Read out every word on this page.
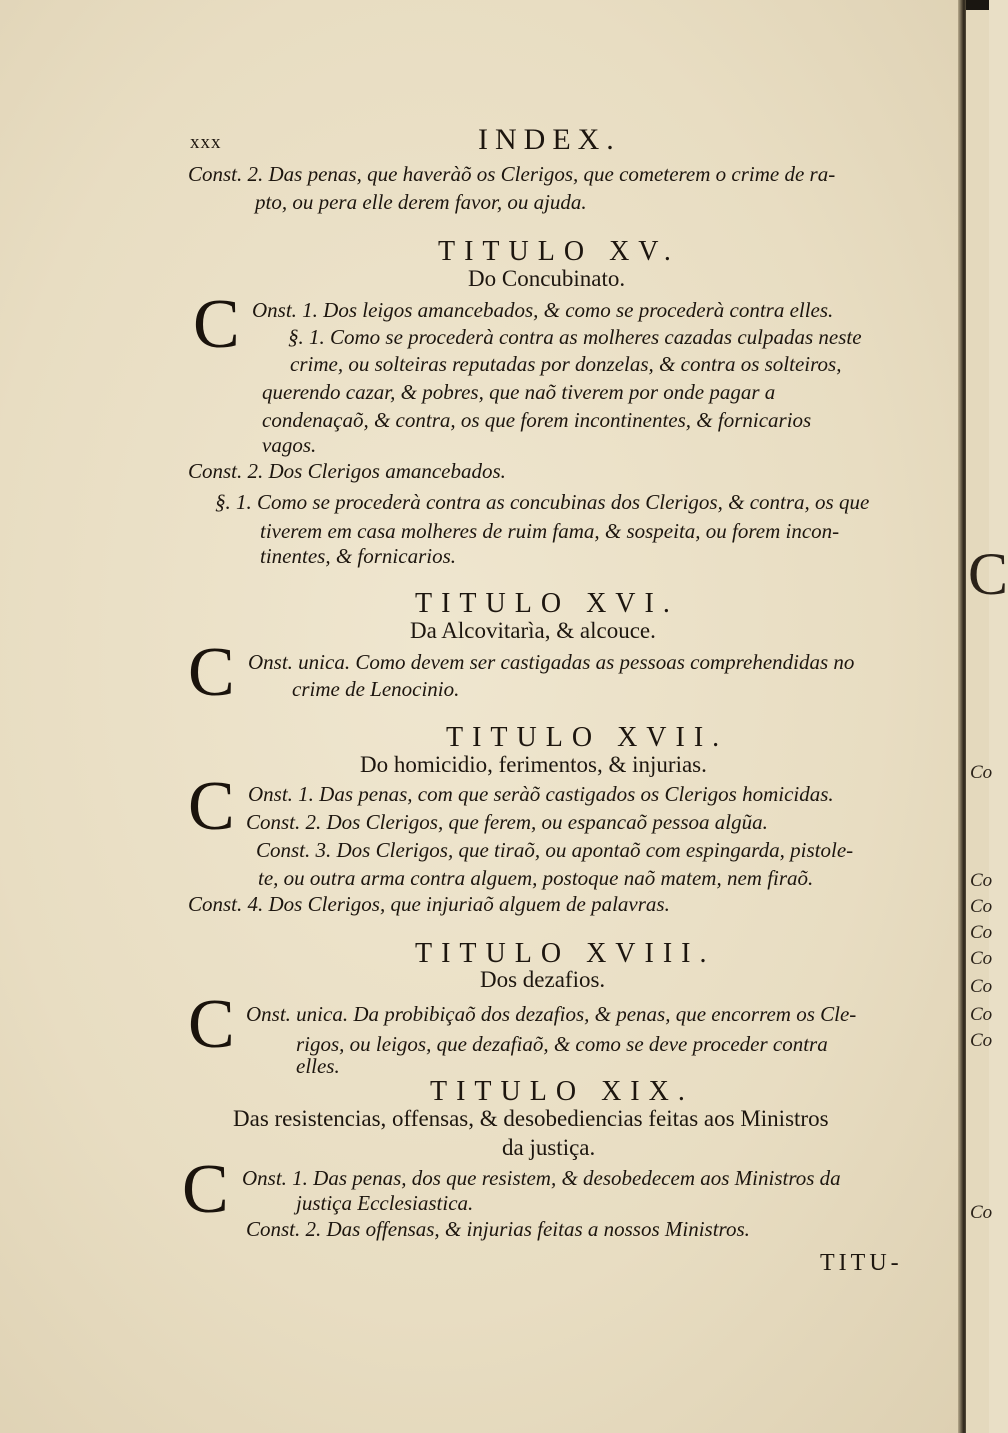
xxx	INDEX.
Const. 2. Das penas, que haveràõ os Clerigos, que cometerem o crime de ra-
pto, ou pera elle derem favor, ou ajuda.
TITULO XV.
Do Concubinato.
C Onst. 1. Dos leigos amancebados, & como se procederà contra elles.
§. 1. Como se procederà contra as molheres cazadas culpadas neste
crime, ou solteiras reputadas por donzelas, & contra os solteiros,
querendo cazar, & pobres, que naõ tiverem por onde pagar a
condenaçaõ, & contra, os que forem incontinentes, & fornicarios
vagos.
Const. 2. Dos Clerigos amancebados.
§. 1. Como se procederà contra as concubinas dos Clerigos, & contra, os que
tiverem em casa molheres de ruim fama, & sospeita, ou forem incon-
tinentes, & fornicarios.
TITULO XVI.
Da Alcovitarìa, & alcouce.
C Onst. unica. Como devem ser castigadas as pessoas comprehendidas no
crime de Lenocinio.
TITULO XVII.
Do homicidio, ferimentos, & injurias.
C Onst. 1. Das penas, com que seràõ castigados os Clerigos homicidas.
Const. 2. Dos Clerigos, que ferem, ou espancaõ pessoa algũa.
Const. 3. Dos Clerigos, que tiraõ, ou apontaõ com espingarda, pistole-
te, ou outra arma contra alguem, postoque naõ matem, nem firaõ.
Const. 4. Dos Clerigos, que injuriaõ alguem de palavras.
TITULO XVIII.
Dos dezafios.
C Onst. unica. Da probibiçaõ dos dezafios, & penas, que encorrem os Cle-
rigos, ou leigos, que dezafiaõ, & como se deve proceder contra
elles.
TITULO XIX.
Das resistencias, offensas, & desobediencias feitas aos Ministros
da justiça.
C Onst. 1. Das penas, dos que resistem, & desobedecem aos Ministros da
justiça Ecclesiastica.
Const. 2. Das offensas, & injurias feitas a nossos Ministros.
TITU-
C
Co
Co
Co
Co
Co
Co
Co
Co
Co
